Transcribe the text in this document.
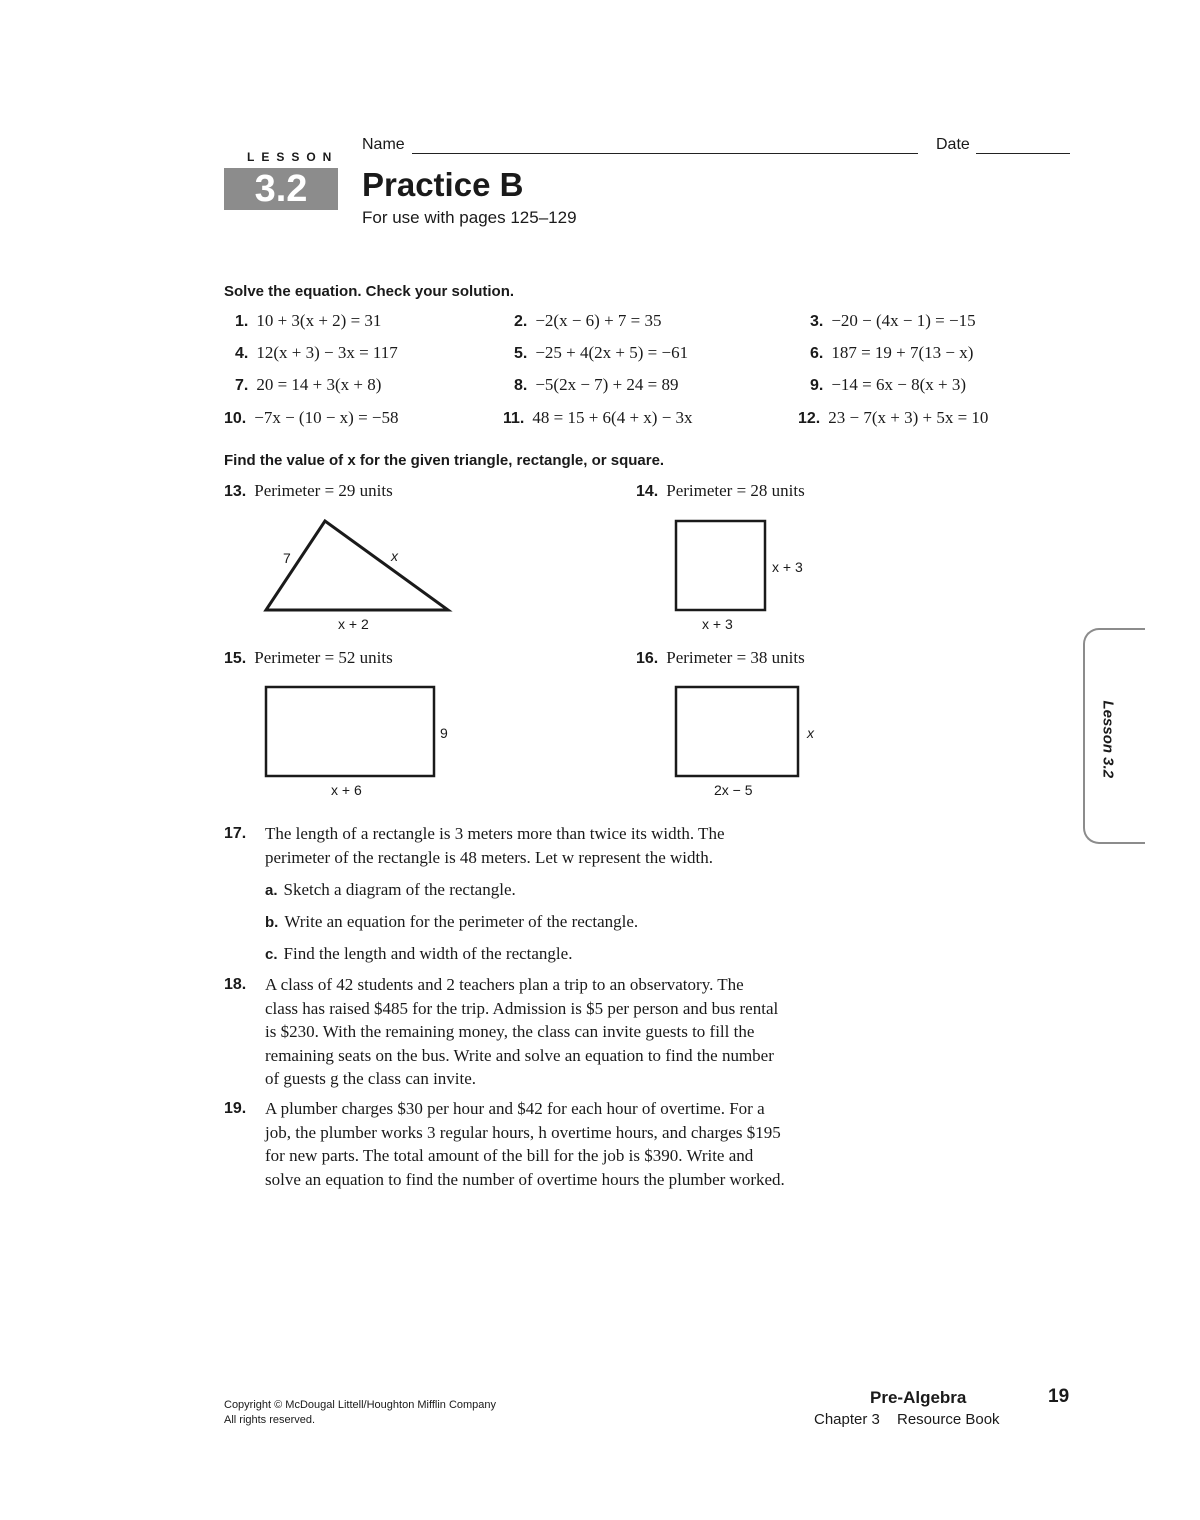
LESSON
3.2
Name	Date
Practice B
For use with pages 125–129
Solve the equation. Check your solution.
1. 10 + 3(x + 2) = 31	2. −2(x − 6) + 7 = 35	3. −20 − (4x − 1) = −15
4. 12(x + 3) − 3x = 117	5. −25 + 4(2x + 5) = −61	6. 187 = 19 + 7(13 − x)
7. 20 = 14 + 3(x + 8)	8. −5(2x − 7) + 24 = 89	9. −14 = 6x − 8(x + 3)
10. −7x − (10 − x) = −58	11. 48 = 15 + 6(4 + x) − 3x	12. 23 − 7(x + 3) + 5x = 10
Find the value of x for the given triangle, rectangle, or square.
13. Perimeter = 29 units	14. Perimeter = 28 units
7	x
x + 2
x + 3
x + 3
15. Perimeter = 52 units	16. Perimeter = 38 units
9
x + 6
x
2x − 5
17. The length of a rectangle is 3 meters more than twice its width. The
perimeter of the rectangle is 48 meters. Let w represent the width.
a. Sketch a diagram of the rectangle.
b. Write an equation for the perimeter of the rectangle.
c. Find the length and width of the rectangle.
18. A class of 42 students and 2 teachers plan a trip to an observatory. The
class has raised $485 for the trip. Admission is $5 per person and bus rental
is $230. With the remaining money, the class can invite guests to fill the
remaining seats on the bus. Write and solve an equation to find the number
of guests g the class can invite.
19. A plumber charges $30 per hour and $42 for each hour of overtime. For a
job, the plumber works 3 regular hours, h overtime hours, and charges $195
for new parts. The total amount of the bill for the job is $390. Write and
solve an equation to find the number of overtime hours the plumber worked.
Lesson 3.2
Copyright © McDougal Littell/Houghton Mifflin Company
All rights reserved.
Pre-Algebra	19
Chapter 3 Resource Book
